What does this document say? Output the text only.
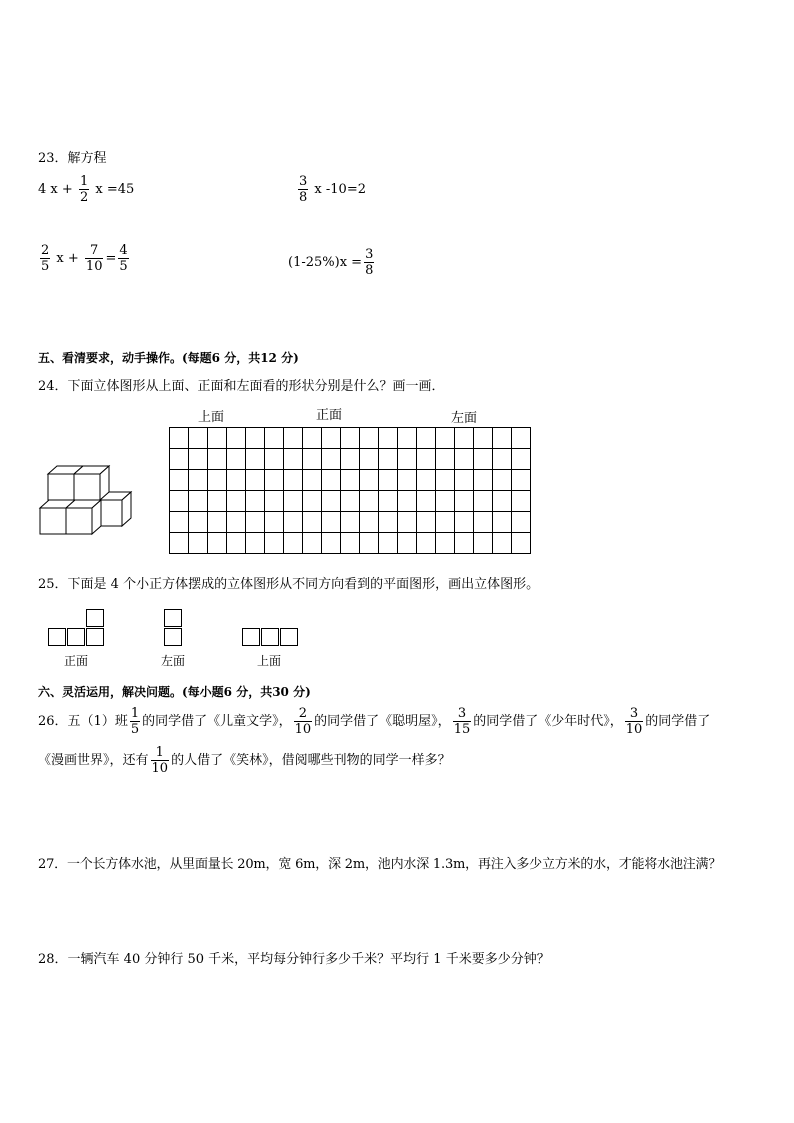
23．解方程
4 $x + \frac{1}{2}$ x =45	$\frac{3}{8}$ x -10=2
$\frac{2}{5}$ $x + \frac{7}{10} = \frac{4}{5}$	$(1-25\%)x = \frac{3}{8}$
五、看清要求，动手操作。(每题6 分，共12 分)
24．下面立体图形从上面、正面和左面看的形状分别是什么？画一画．
上面	正面	左面

25．下面是 4 个小正方体摆成的立体图形从不同方向看到的平面图形，画出立体图形。
正面	左面	上面
六、灵活运用，解决问题。(每小题6 分，共30 分)
26．五（1）班 $\frac{1}{5}$ 的同学借了《儿童文学》， $\frac{2}{10}$ 的同学借了《聪明屋》， $\frac{3}{15}$ 的同学借了《少年时代》， $\frac{3}{10}$ 的同学借了
《漫画世界》，还有 $\frac{1}{10}$ 的人借了《笑林》，借阅哪些刊物的同学一样多？
27．一个长方体水池，从里面量长 20m，宽 6m，深 2m，池内水深 1.3m，再注入多少立方米的水，才能将水池注满？
28．一辆汽车 40 分钟行 50 千米，平均每分钟行多少千米？平均行 1 千米要多少分钟？
